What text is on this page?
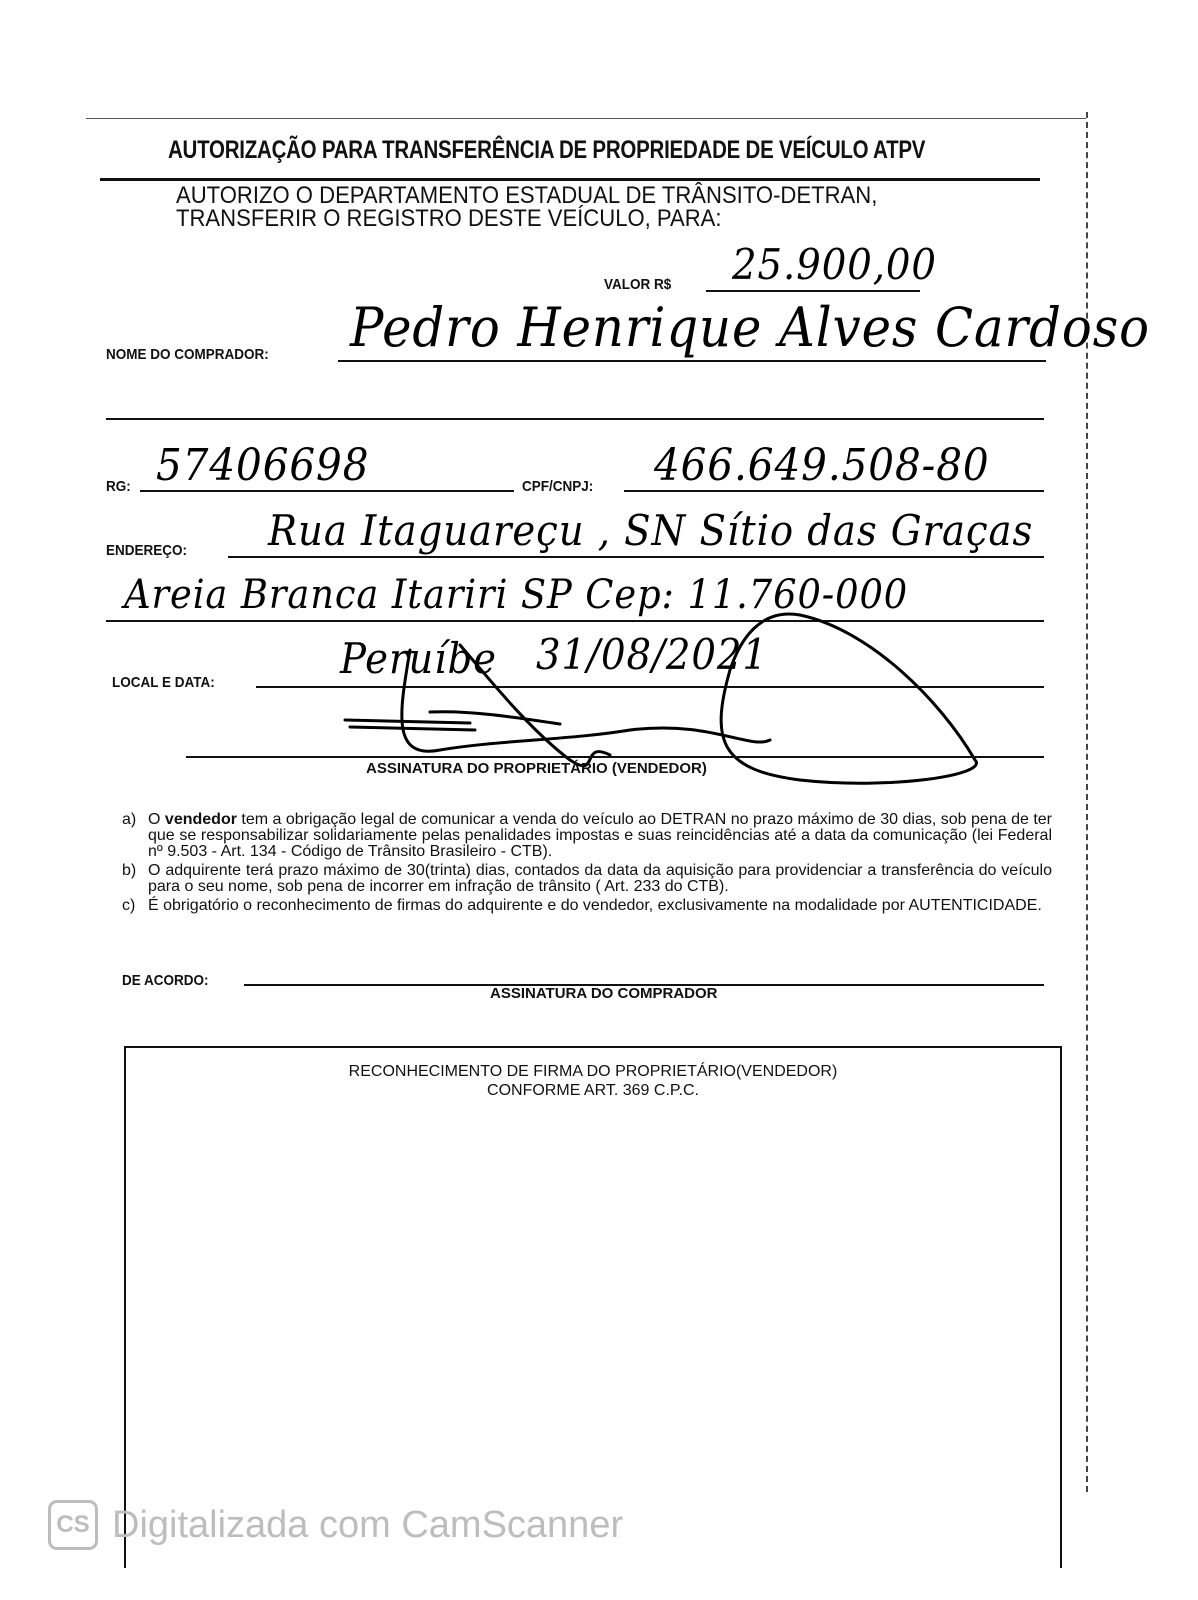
AUTORIZAÇÃO PARA TRANSFERÊNCIA DE PROPRIEDADE DE VEÍCULO ATPV
AUTORIZO O DEPARTAMENTO ESTADUAL DE TRÂNSITO-DETRAN,
TRANSFERIR O REGISTRO DESTE VEÍCULO, PARA:
VALOR R$ 25.900,00
NOME DO COMPRADOR: Pedro Henrique Alves Cardoso
RG: 57406698	CPF/CNPJ: 466.649.508-80
ENDEREÇO: Rua Itaguareçu , SN Sítio das Graças
Areia Branca Itariri SP Cep: 11.760-000
LOCAL E DATA:	Peruíbe 31/08/2021
ASSINATURA DO PROPRIETÁRIO (VENDEDOR)
a) O vendedor tem a obrigação legal de comunicar a venda do veículo ao DETRAN no prazo máximo de 30 dias, sob pena de ter que se responsabilizar solidariamente pelas penalidades impostas e suas reincidências até a data da comunicação (lei Federal nº 9.503 - Art. 134 - Código de Trânsito Brasileiro - CTB).
b) O adquirente terá prazo máximo de 30(trinta) dias, contados da data da aquisição para providenciar a transferência do veículo para o seu nome, sob pena de incorrer em infração de trânsito ( Art. 233 do CTB).
c) É obrigatório o reconhecimento de firmas do adquirente e do vendedor, exclusivamente na modalidade por AUTENTICIDADE.
DE ACORDO:
ASSINATURA DO COMPRADOR
RECONHECIMENTO DE FIRMA DO PROPRIETÁRIO(VENDEDOR)
CONFORME ART. 369 C.P.C.
CS Digitalizada com CamScanner
